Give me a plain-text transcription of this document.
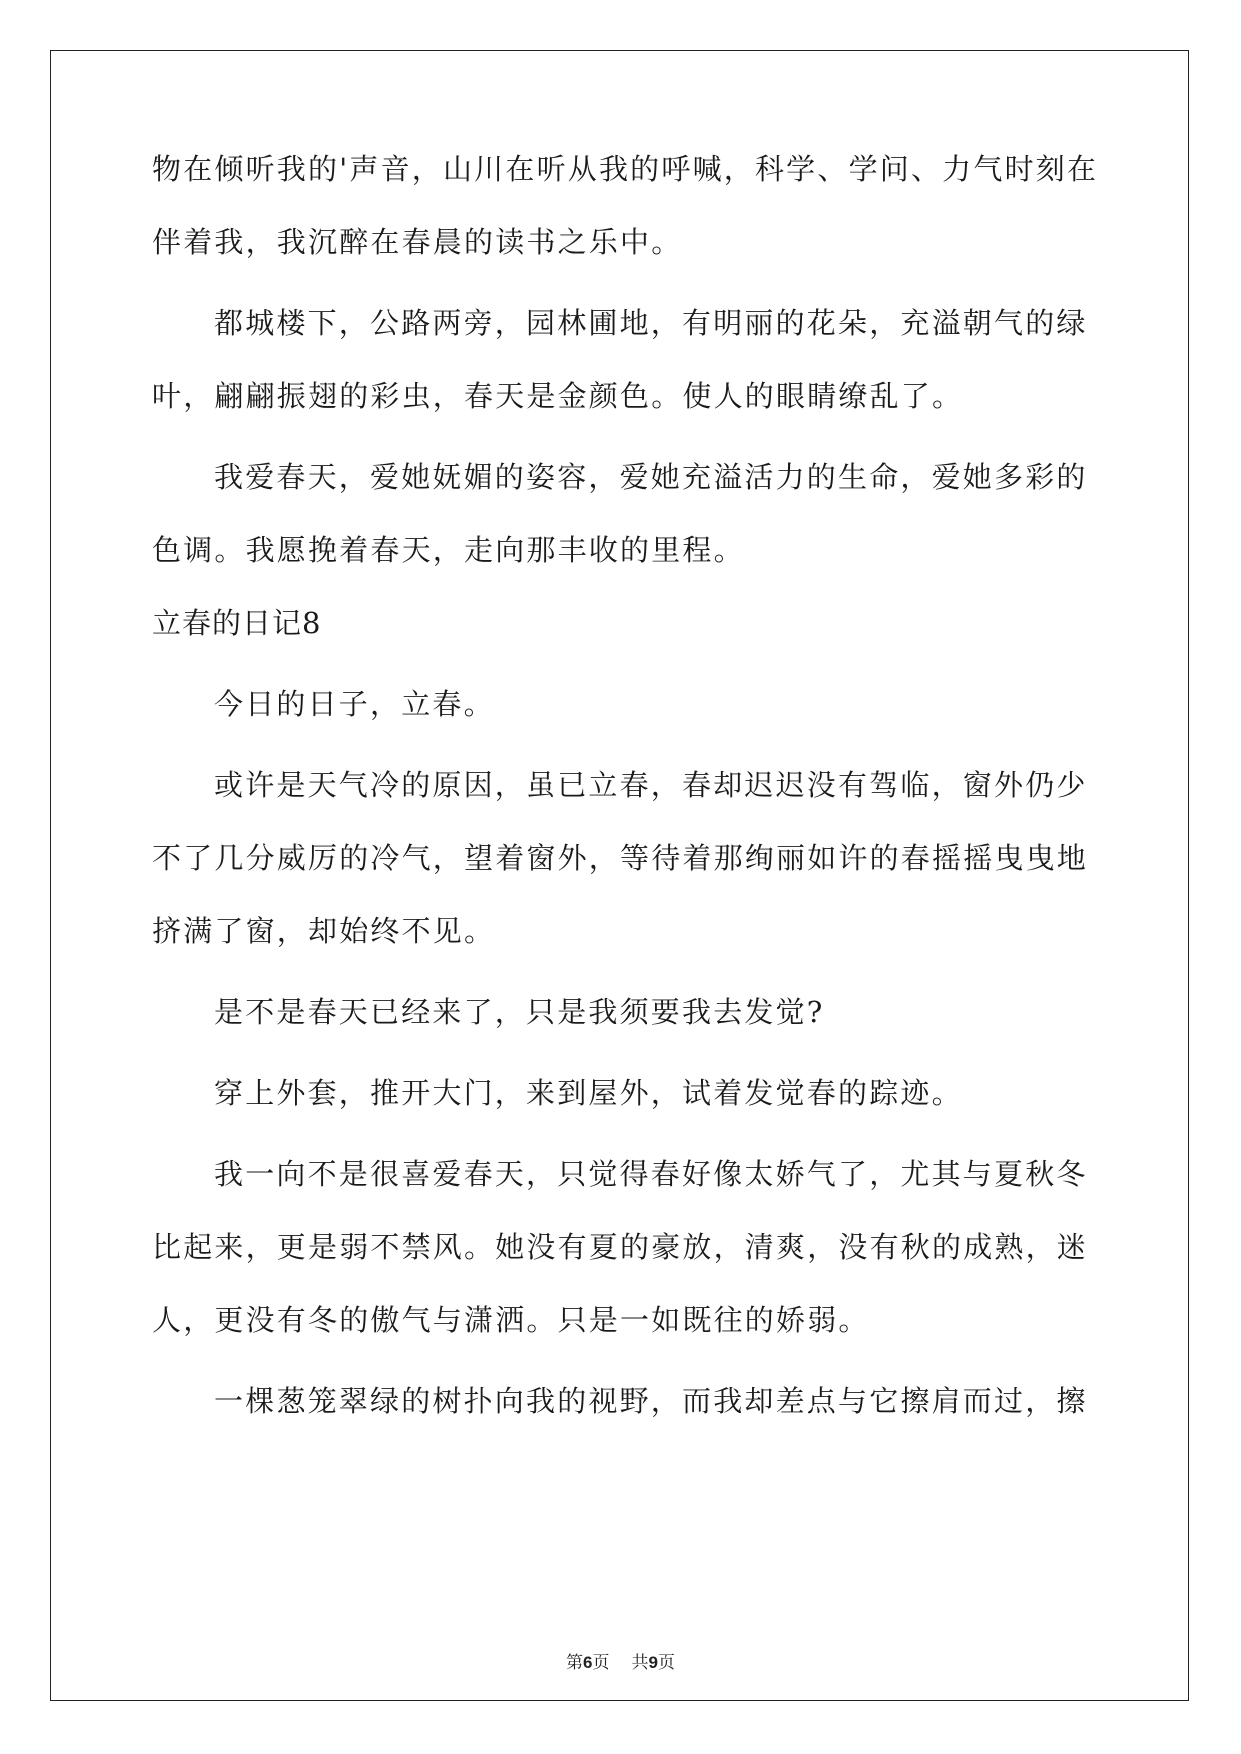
物在倾听我的'声音，山川在听从我的呼喊，科学、学问、力气时刻在
伴着我，我沉醉在春晨的读书之乐中。
都城楼下，公路两旁，园林圃地，有明丽的花朵，充溢朝气的绿
叶，翩翩振翅的彩虫，春天是金颜色。使人的眼睛缭乱了。
我爱春天，爱她妩媚的姿容，爱她充溢活力的生命，爱她多彩的
色调。我愿挽着春天，走向那丰收的里程。
立春的日记8
今日的日子，立春。
或许是天气冷的原因，虽已立春，春却迟迟没有驾临，窗外仍少
不了几分威厉的冷气，望着窗外，等待着那绚丽如许的春摇摇曳曳地
挤满了窗，却始终不见。
是不是春天已经来了，只是我须要我去发觉?
穿上外套，推开大门，来到屋外，试着发觉春的踪迹。
我一向不是很喜爱春天，只觉得春好像太娇气了，尤其与夏秋冬
比起来，更是弱不禁风。她没有夏的豪放，清爽，没有秋的成熟，迷
人，更没有冬的傲气与潇洒。只是一如既往的娇弱。
一棵葱笼翠绿的树扑向我的视野，而我却差点与它擦肩而过，擦
第6页 共9页
